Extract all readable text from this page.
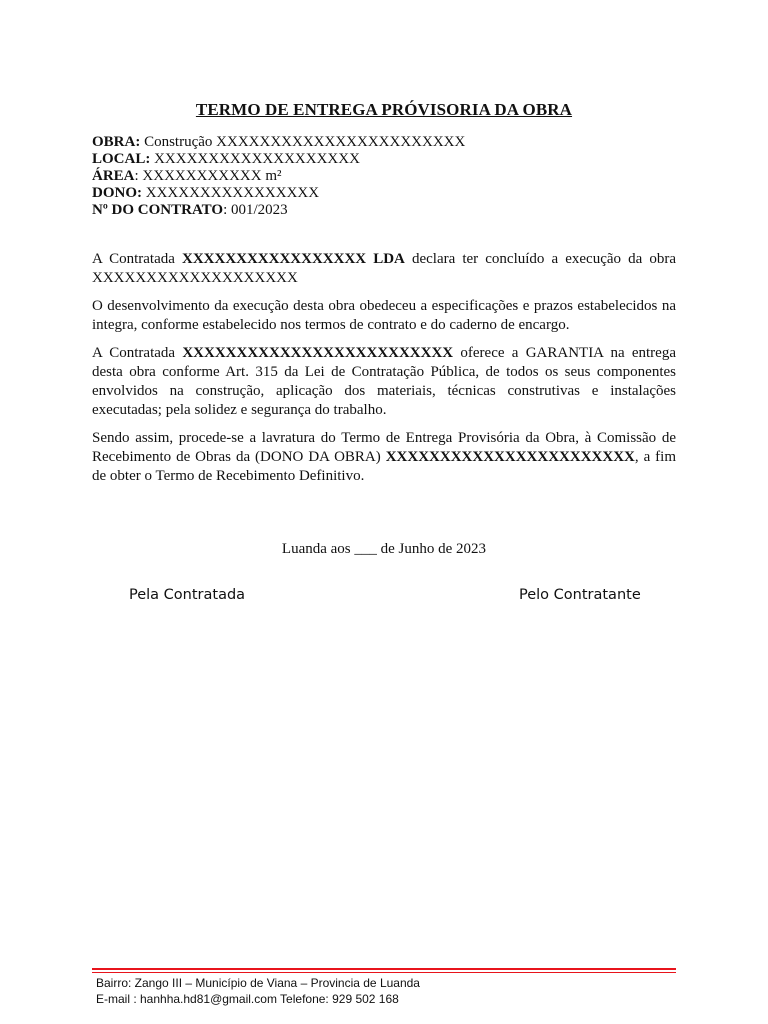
TERMO DE ENTREGA PRÓVISORIA DA OBRA
OBRA: Construção XXXXXXXXXXXXXXXXXXXXXXX
LOCAL: XXXXXXXXXXXXXXXXXXX
ÁREA: XXXXXXXXXXX m²
DONO: XXXXXXXXXXXXXXXX
Nº DO CONTRATO: 001/2023

A Contratada XXXXXXXXXXXXXXXXX LDA declara ter concluído a execução da obra XXXXXXXXXXXXXXXXXXX

O desenvolvimento da execução desta obra obedeceu a especificações e prazos estabelecidos na integra, conforme estabelecido nos termos de contrato e do caderno de encargo.

A Contratada XXXXXXXXXXXXXXXXXXXXXXXXX oferece a GARANTIA na entrega desta obra conforme Art. 315 da Lei de Contratação Pública, de todos os seus componentes envolvidos na construção, aplicação dos materiais, técnicas construtivas e instalações executadas; pela solidez e segurança do trabalho.

Sendo assim, procede-se a lavratura do Termo de Entrega Provisória da Obra, à Comissão de Recebimento de Obras da (DONO DA OBRA) XXXXXXXXXXXXXXXXXXXXXXX, a fim de obter o Termo de Recebimento Definitivo.

Luanda aos ___ de Junho de 2023
Pela Contratada	Pelo Contratante
Bairro: Zango III – Município de Viana – Provincia de Luanda
E-mail : hanhha.hd81@gmail.com Telefone: 929 502 168
